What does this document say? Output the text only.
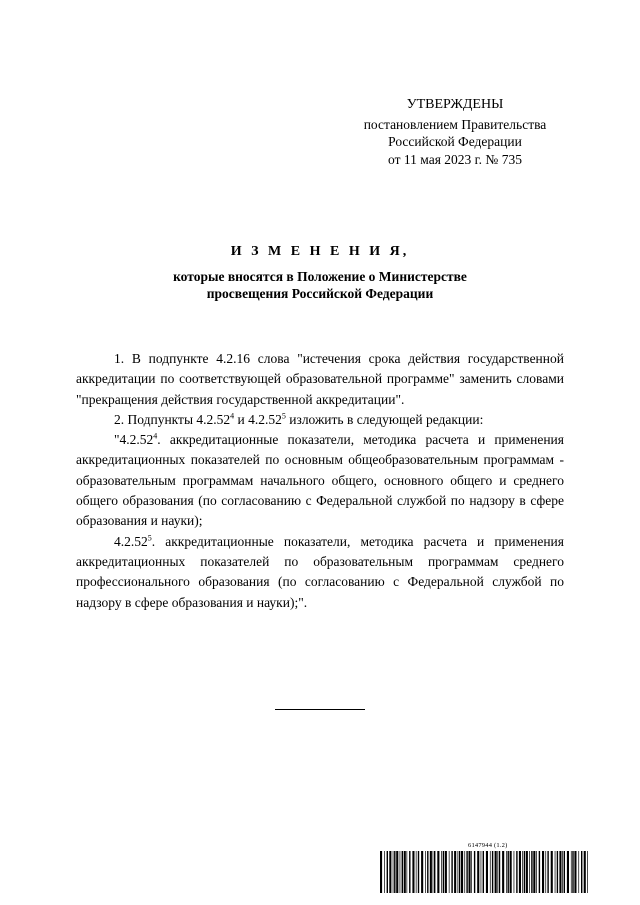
УТВЕРЖДЕНЫ
постановлением Правительства
Российской Федерации
от 11 мая 2023 г. № 735
И З М Е Н Е Н И Я,
которые вносятся в Положение о Министерстве
просвещения Российской Федерации

1. В подпункте 4.2.16 слова "истечения срока действия государственной аккредитации по соответствующей образовательной программе" заменить словами "прекращения действия государственной аккредитации".

2. Подпункты 4.2.52$^4$ и 4.2.52$^5$ изложить в следующей редакции:

"4.2.52$^4$. аккредитационные показатели, методика расчета и применения аккредитационных показателей по основным общеобразовательным программам - образовательным программам начального общего, основного общего и среднего общего образования (по согласованию с Федеральной службой по надзору в сфере образования и науки);

4.2.52$^5$. аккредитационные показатели, методика расчета и применения аккредитационных показателей по образовательным программам среднего профессионального образования (по согласованию с Федеральной службой по надзору в сфере образования и науки);".

6147944 (1.2)
